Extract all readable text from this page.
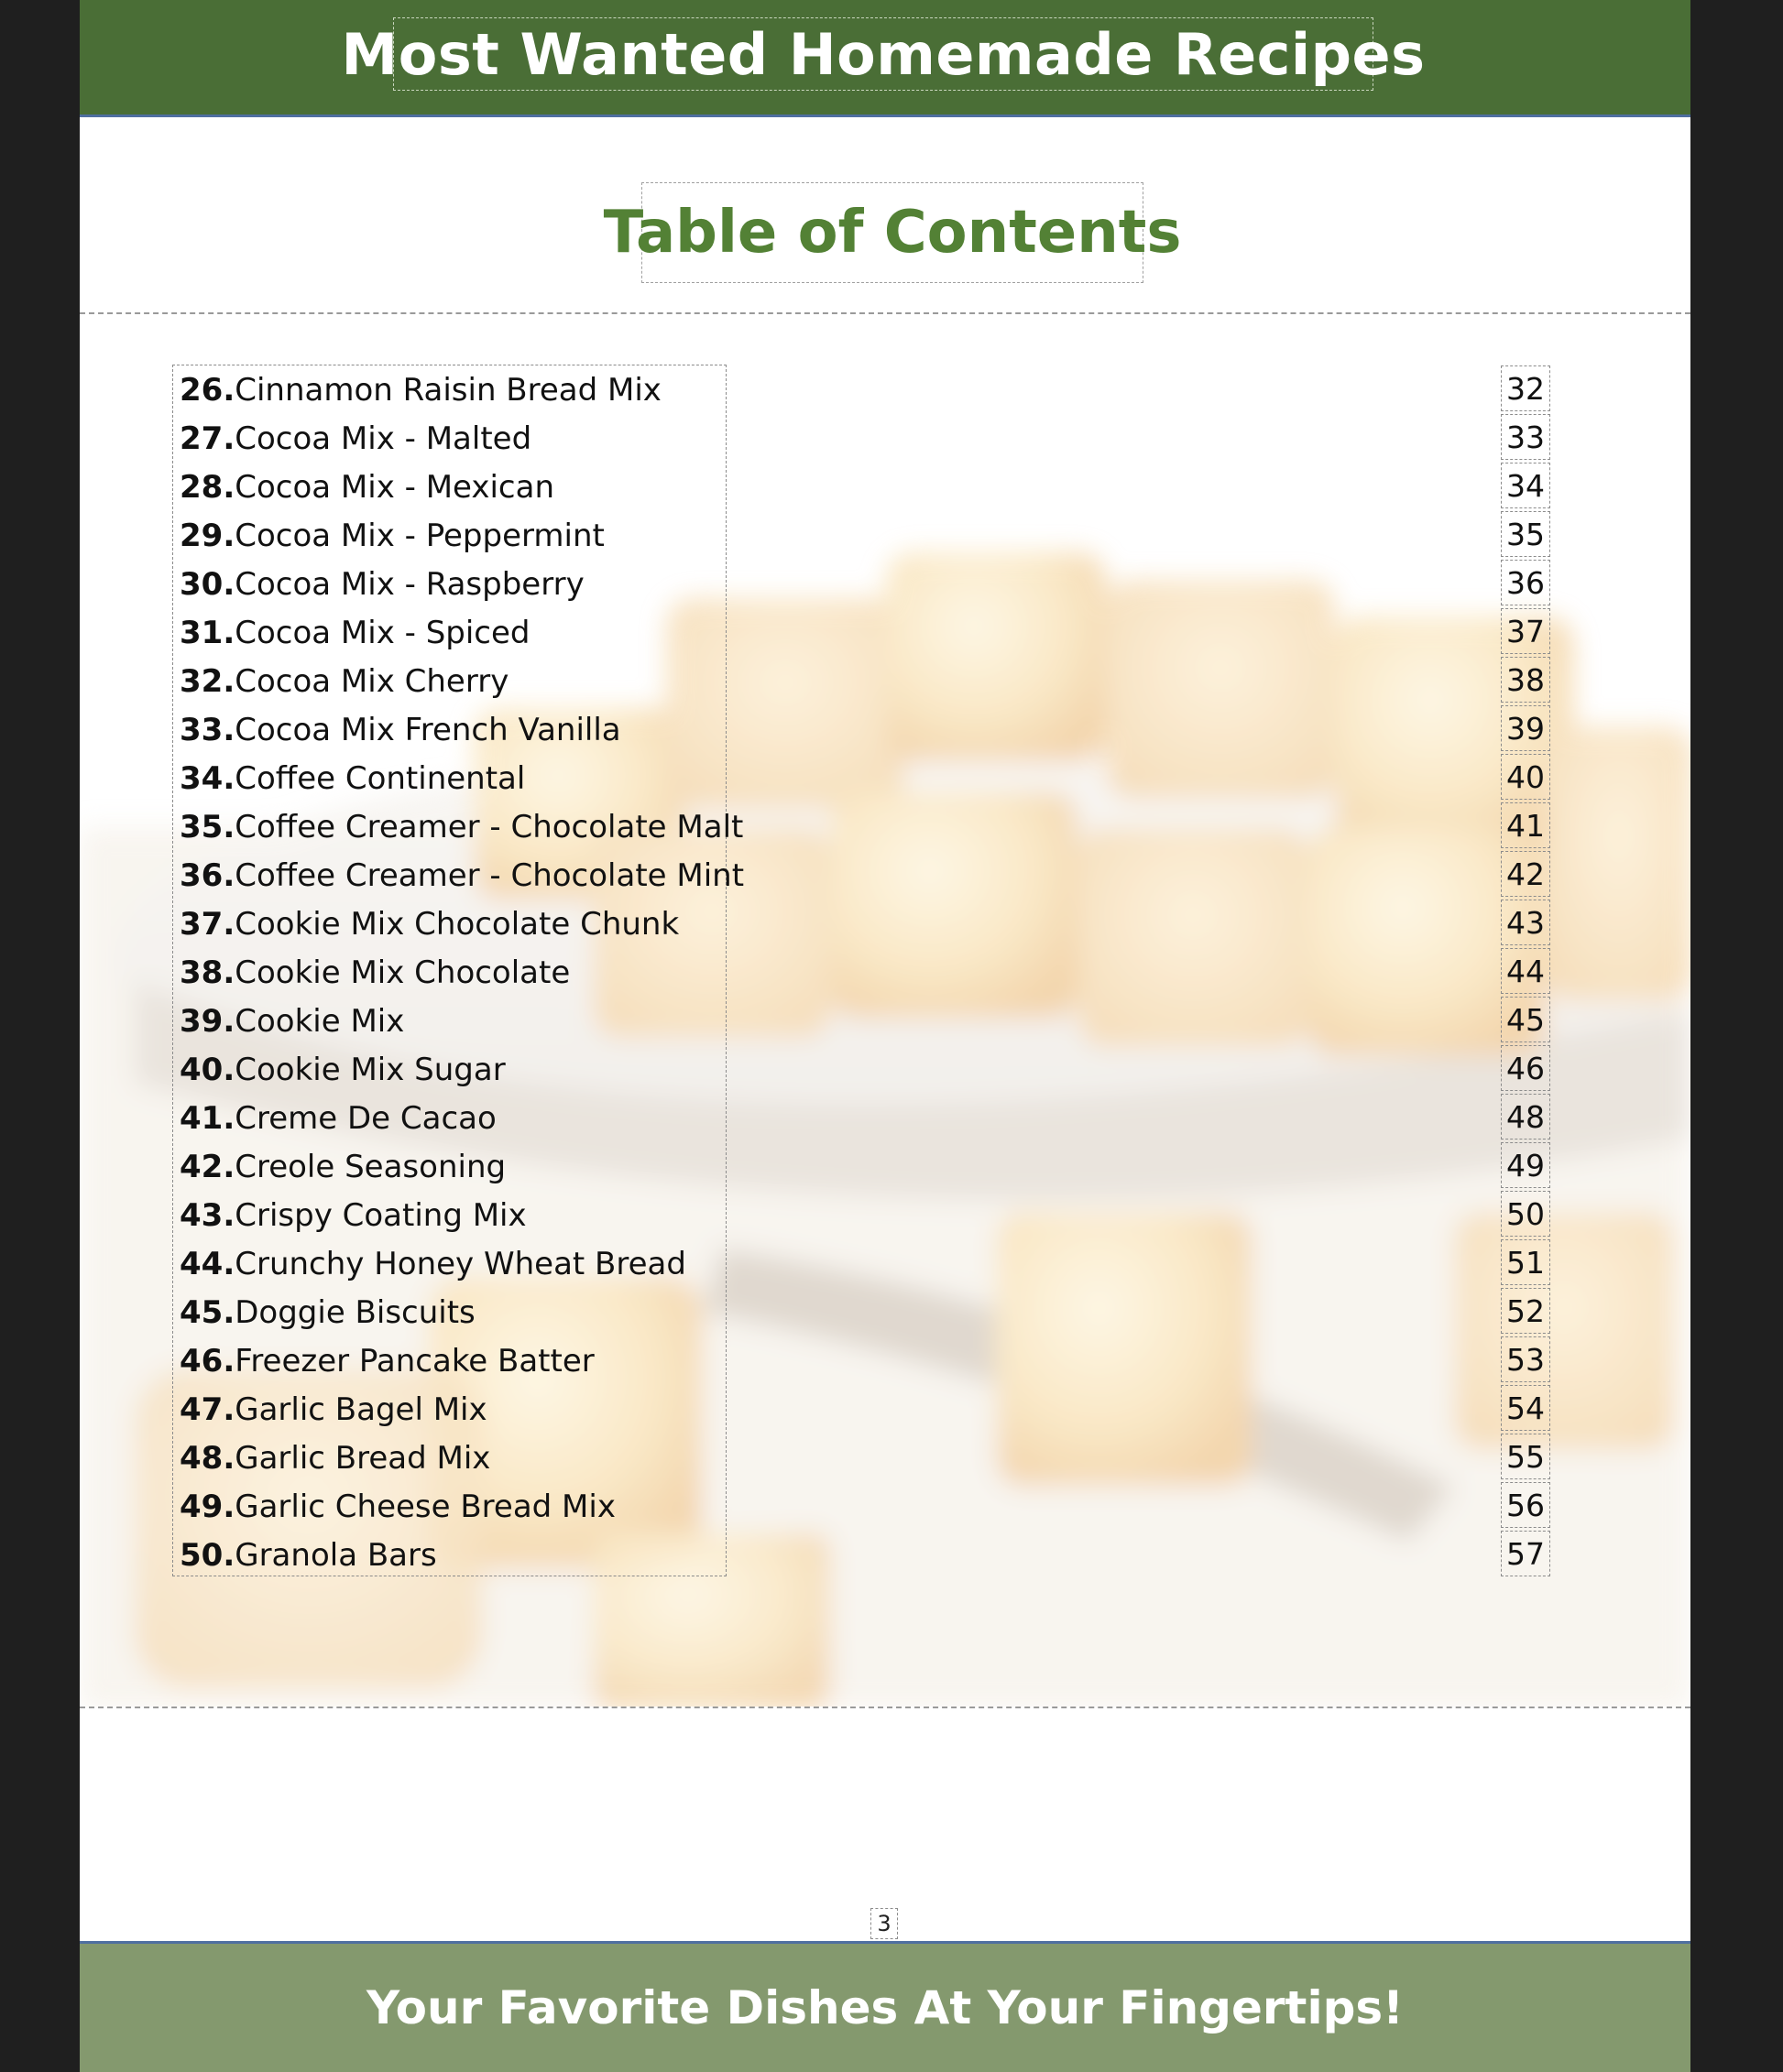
Most Wanted Homemade Recipes
Table of Contents
26. Cinnamon Raisin Bread Mix
27. Cocoa Mix - Malted
28. Cocoa Mix - Mexican
29. Cocoa Mix - Peppermint
30. Cocoa Mix - Raspberry
31. Cocoa Mix - Spiced
32. Cocoa Mix Cherry
33. Cocoa Mix French Vanilla
34. Coffee Continental
35. Coffee Creamer - Chocolate Malt
36. Coffee Creamer - Chocolate Mint
37. Cookie Mix Chocolate Chunk
38. Cookie Mix Chocolate
39. Cookie Mix
40. Cookie Mix Sugar
41. Creme De Cacao
42. Creole Seasoning
43. Crispy Coating Mix
44. Crunchy Honey Wheat Bread
45. Doggie Biscuits
46. Freezer Pancake Batter
47. Garlic Bagel Mix
48. Garlic Bread Mix
49. Garlic Cheese Bread Mix
50. Granola Bars
32
33
34
35
36
37
38
39
40
41
42
43
44
45
46
48
49
50
51
52
53
54
55
56
57
3
Your Favorite Dishes At Your Fingertips!
